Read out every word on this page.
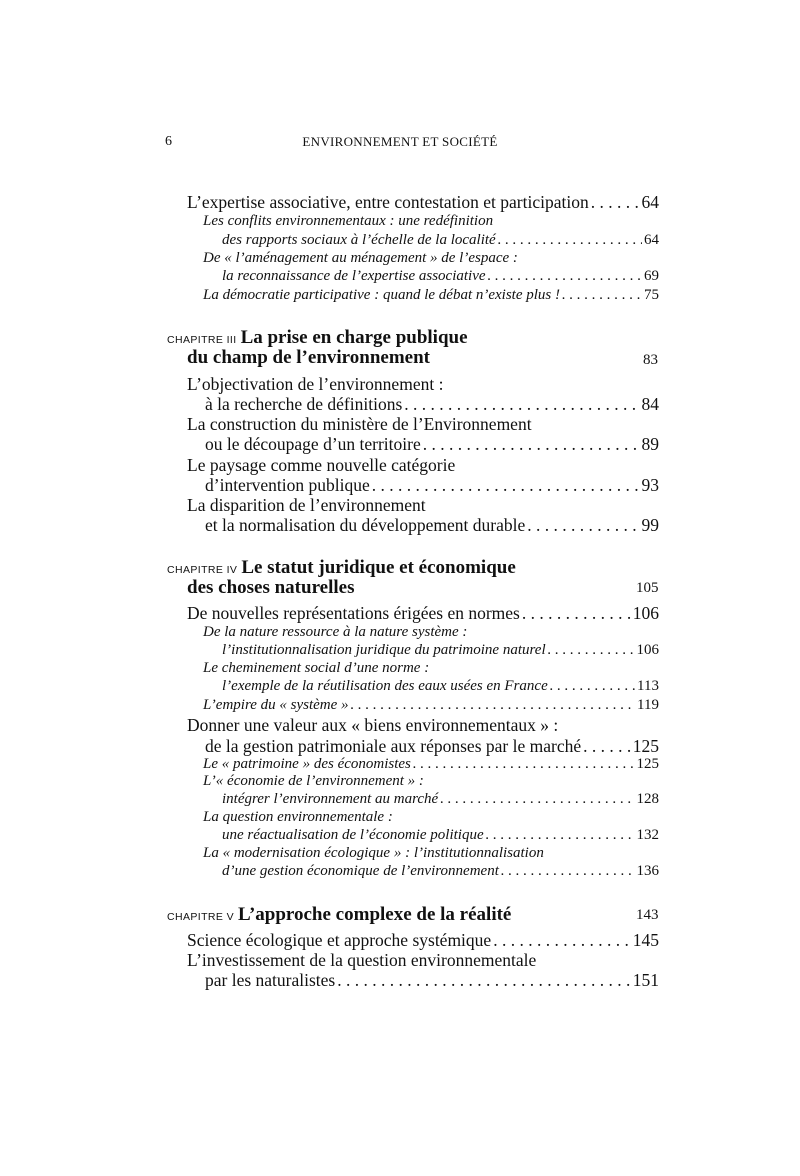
6	ENVIRONNEMENT ET SOCIÉTÉ
L’expertise associative, entre contestation et participation . . .	64
Les conflits environnementaux : une redéfinition
des rapports sociaux à l’échelle de la localité . . .	64
De « l’aménagement au ménagement » de l’espace :
la reconnaissance de l’expertise associative . . .	69
La démocratie participative : quand le débat n’existe plus ! . . .	75
CHAPITRE III La prise en charge publique
du champ de l’environnement	83
L’objectivation de l’environnement :
à la recherche de définitions . . .	84
La construction du ministère de l’Environnement
ou le découpage d’un territoire . . .	89
Le paysage comme nouvelle catégorie
d’intervention publique . . .	93
La disparition de l’environnement
et la normalisation du développement durable . . .	99
CHAPITRE IV Le statut juridique et économique
des choses naturelles	105
De nouvelles représentations érigées en normes . . .	106
De la nature ressource à la nature système :
l’institutionnalisation juridique du patrimoine naturel . . .	106
Le cheminement social d’une norme :
l’exemple de la réutilisation des eaux usées en France . . .	113
L’empire du « système » . . .	119
Donner une valeur aux « biens environnementaux » :
de la gestion patrimoniale aux réponses par le marché . . .	125
Le « patrimoine » des économistes . . .	125
L’« économie de l’environnement » :
intégrer l’environnement au marché . . .	128
La question environnementale :
une réactualisation de l’économie politique . . .	132
La « modernisation écologique » : l’institutionnalisation
d’une gestion économique de l’environnement . . .	136
CHAPITRE V L’approche complexe de la réalité	143
Science écologique et approche systémique . . .	145
L’investissement de la question environnementale
par les naturalistes . . .	151
